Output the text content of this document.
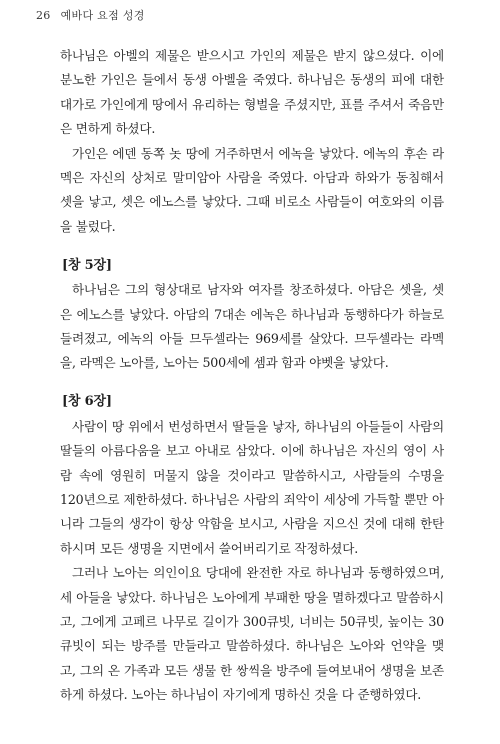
26 예바다 요점 성경

하나님은 아벨의 제물은 받으시고 가인의 제물은 받지 않으셨다. 이에 분노한 가인은 들에서 동생 아벨을 죽였다. 하나님은 동생의 피에 대한 대가로 가인에게 땅에서 유리하는 형벌을 주셨지만, 표를 주셔서 죽음만은 면하게 하셨다.

가인은 에덴 동쪽 놋 땅에 거주하면서 에녹을 낳았다. 에녹의 후손 라멕은 자신의 상처로 말미암아 사람을 죽였다. 아담과 하와가 동침해서 셋을 낳고, 셋은 에노스를 낳았다. 그때 비로소 사람들이 여호와의 이름을 불렀다.

[창 5장]

하나님은 그의 형상대로 남자와 여자를 창조하셨다. 아담은 셋을, 셋은 에노스를 낳았다. 아담의 7대손 에녹은 하나님과 동행하다가 하늘로 들려졌고, 에녹의 아들 므두셀라는 969세를 살았다. 므두셀라는 라멕을, 라멕은 노아를, 노아는 500세에 셈과 함과 야벳을 낳았다.

[창 6장]

사람이 땅 위에서 번성하면서 딸들을 낳자, 하나님의 아들들이 사람의 딸들의 아름다움을 보고 아내로 삼았다. 이에 하나님은 자신의 영이 사람 속에 영원히 머물지 않을 것이라고 말씀하시고, 사람들의 수명을 120년으로 제한하셨다. 하나님은 사람의 죄악이 세상에 가득할 뿐만 아니라 그들의 생각이 항상 악함을 보시고, 사람을 지으신 것에 대해 한탄하시며 모든 생명을 지면에서 쓸어버리기로 작정하셨다.

그러나 노아는 의인이요 당대에 완전한 자로 하나님과 동행하였으며, 세 아들을 낳았다. 하나님은 노아에게 부패한 땅을 멸하겠다고 말씀하시고, 그에게 고페르 나무로 길이가 300큐빗, 너비는 50큐빗, 높이는 30큐빗이 되는 방주를 만들라고 말씀하셨다. 하나님은 노아와 언약을 맺고, 그의 온 가족과 모든 생물 한 쌍씩을 방주에 들여보내어 생명을 보존하게 하셨다. 노아는 하나님이 자기에게 명하신 것을 다 준행하였다.
